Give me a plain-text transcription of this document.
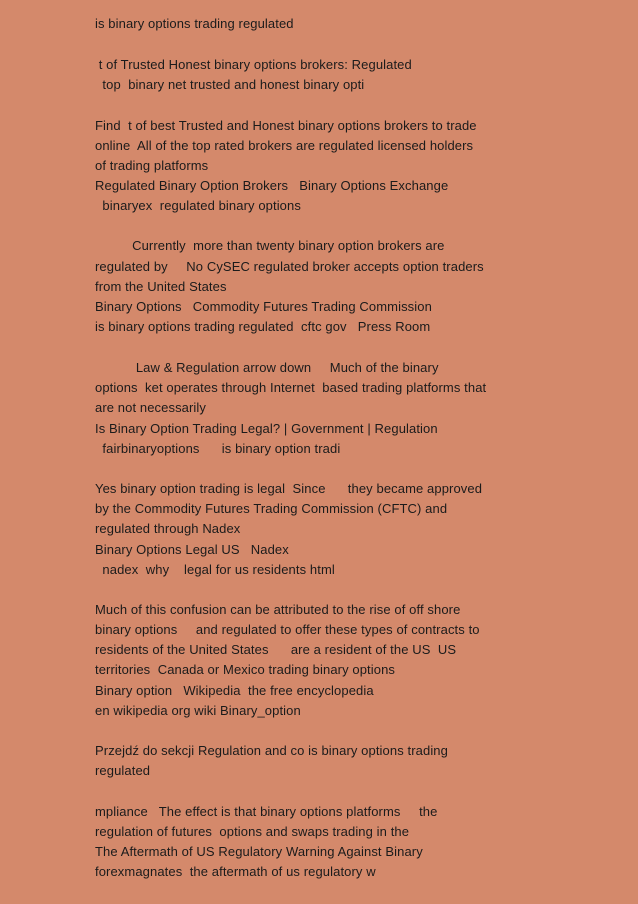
is binary options trading regulated
t of Trusted Honest binary options brokers: Regulated
top  binary net trusted and honest binary opti
Find  t of best Trusted and Honest binary options brokers to trade
online  All of the top rated brokers are regulated licensed holders
of trading platforms
Regulated Binary Option Brokers   Binary Options Exchange
binaryex  regulated binary options
Currently  more than twenty binary option brokers are
regulated by     No CySEC regulated broker accepts option traders
from the United States
Binary Options   Commodity Futures Trading Commission
is binary options trading regulated  cftc gov   Press Room
Law & Regulation arrow down     Much of the binary
options  ket operates through Internet  based trading platforms that
are not necessarily
Is Binary Option Trading Legal? | Government | Regulation
fairbinaryoptions      is binary option tradi
Yes binary option trading is legal  Since      they became approved
by the Commodity Futures Trading Commission (CFTC) and
regulated through Nadex
Binary Options Legal US   Nadex
nadex  why    legal for us residents html
Much of this confusion can be attributed to the rise of off shore
binary options     and regulated to offer these types of contracts to
residents of the United States      are a resident of the US  US
territories  Canada or Mexico trading binary options
Binary option   Wikipedia  the free encyclopedia
en wikipedia org wiki Binary_option
Przejdź do sekcji Regulation and co is binary options trading
regulated
mpliance   The effect is that binary options platforms     the
regulation of futures  options and swaps trading in the
The Aftermath of US Regulatory Warning Against Binary
forexmagnates  the aftermath of us regulatory w
